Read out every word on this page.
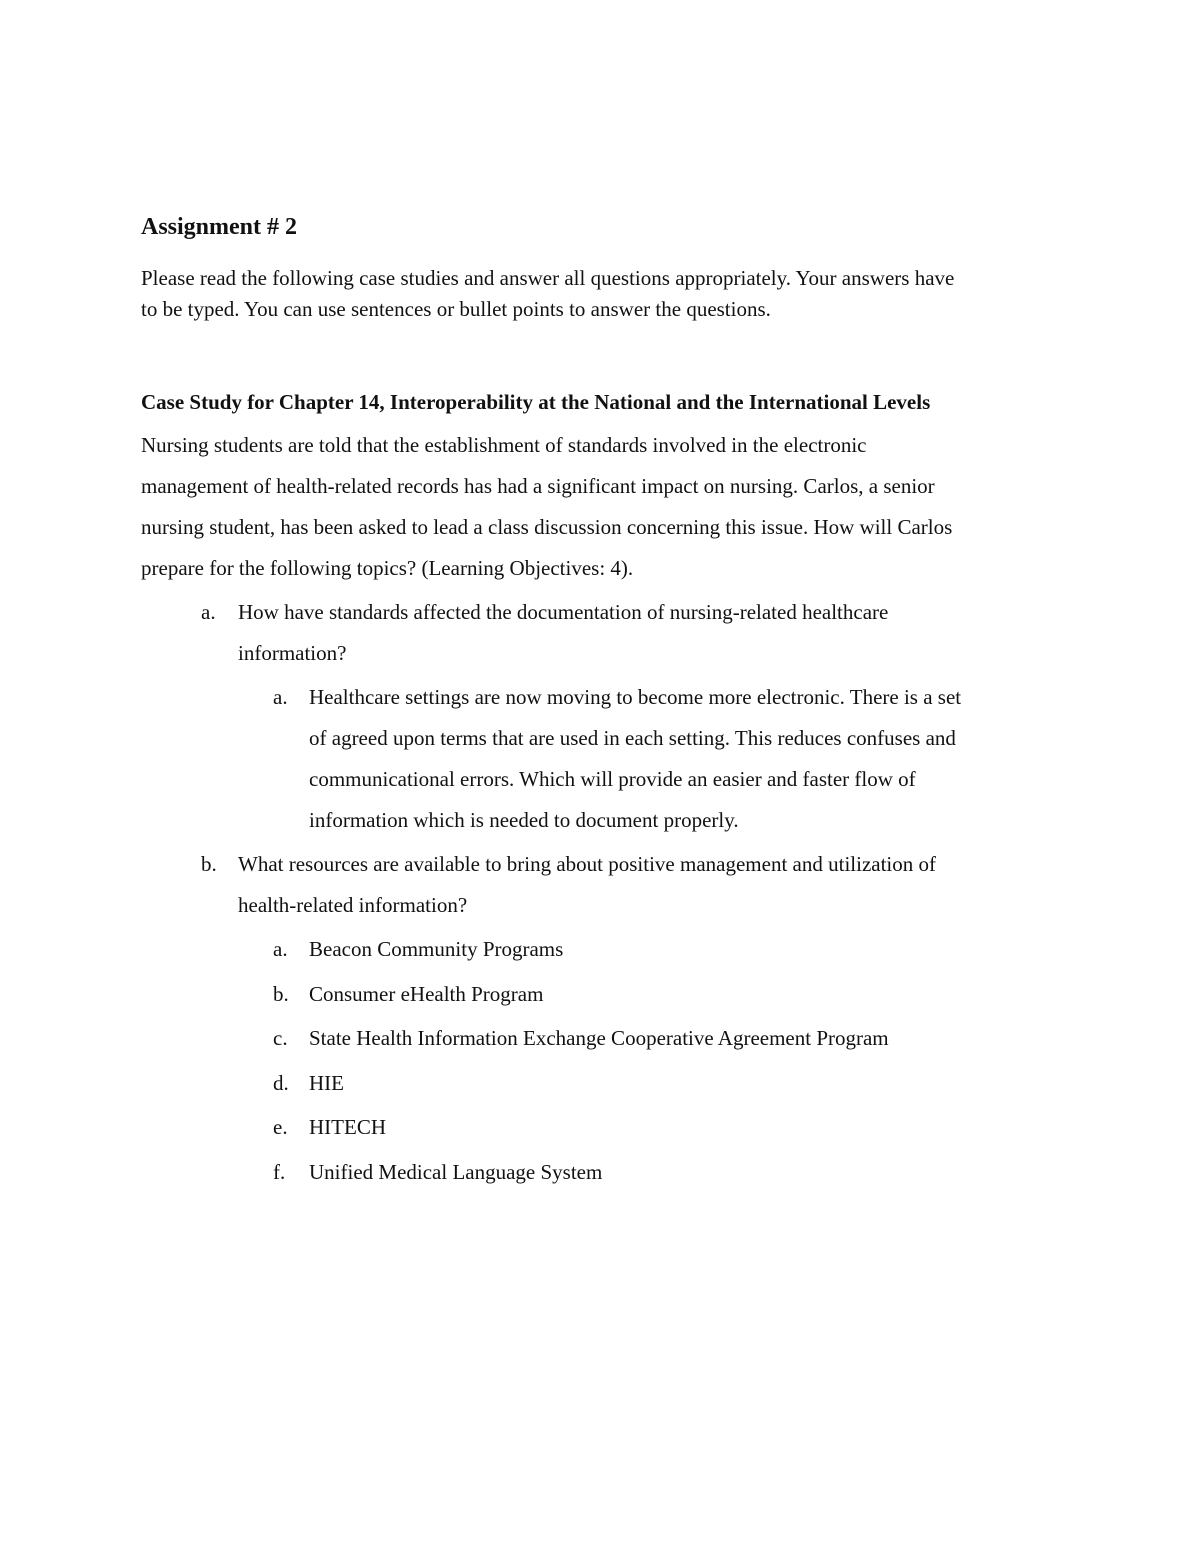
Assignment # 2

Please read the following case studies and answer all questions appropriately. Your answers have
to be typed. You can use sentences or bullet points to answer the questions.

Case Study for Chapter 14, Interoperability at the National and the International Levels

Nursing students are told that the establishment of standards involved in the electronic

management of health-related records has had a significant impact on nursing. Carlos, a senior

nursing student, has been asked to lead a class discussion concerning this issue. How will Carlos

prepare for the following topics? (Learning Objectives: 4).

a. How have standards affected the documentation of nursing-related healthcare
information?
a. Healthcare settings are now moving to become more electronic. There is a set
of agreed upon terms that are used in each setting. This reduces confuses and
communicational errors. Which will provide an easier and faster flow of
information which is needed to document properly.
b. What resources are available to bring about positive management and utilization of
health-related information?
a. Beacon Community Programs
b. Consumer eHealth Program
c. State Health Information Exchange Cooperative Agreement Program
d. HIE
e. HITECH
f. Unified Medical Language System
